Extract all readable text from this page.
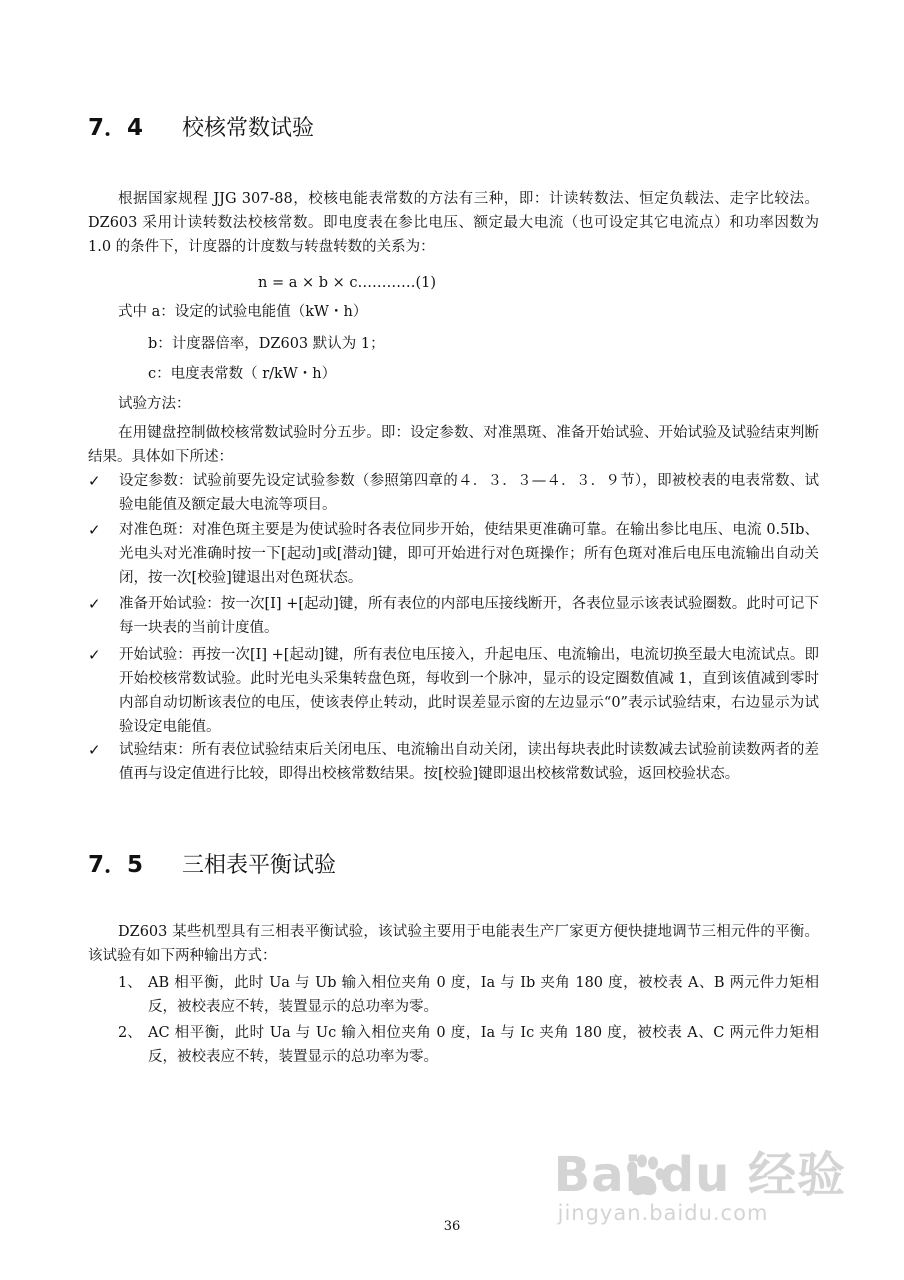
7．4 校核常数试验

根据国家规程 JJG 307-88，校核电能表常数的方法有三种，即：计读转数法、恒定负载法、走字比较法。DZ603 采用计读转数法校核常数。即电度表在参比电压、额定最大电流（也可设定其它电流点）和功率因数为 1.0 的条件下，计度器的计度数与转盘转数的关系为：

n = a × b × c…………(1)

式中 a：设定的试验电能值（kW・h）

b：计度器倍率，DZ603 默认为 1；

c：电度表常数（ r/kW・h）

试验方法：

在用键盘控制做校核常数试验时分五步。即：设定参数、对准黑斑、准备开始试验、开始试验及试验结束判断结果。具体如下所述：

✓ 设定参数：试验前要先设定试验参数（参照第四章的４．３．３—４．３．９节），即被校表的电表常数、试验电能值及额定最大电流等项目。
✓ 对准色斑：对准色斑主要是为使试验时各表位同步开始，使结果更准确可靠。在输出参比电压、电流 0.5Ib、光电头对光准确时按一下[起动]或[潜动]键，即可开始进行对色斑操作；所有色斑对准后电压电流输出自动关闭，按一次[校验]键退出对色斑状态。
✓ 准备开始试验：按一次[I] +[起动]键，所有表位的内部电压接线断开，各表位显示该表试验圈数。此时可记下每一块表的当前计度值。
✓ 开始试验：再按一次[I] +[起动]键，所有表位电压接入，升起电压、电流输出，电流切换至最大电流试点。即开始校核常数试验。此时光电头采集转盘色斑，每收到一个脉冲，显示的设定圈数值减 1，直到该值减到零时内部自动切断该表位的电压，使该表停止转动，此时误差显示窗的左边显示“0”表示试验结束，右边显示为试验设定电能值。
✓ 试验结束：所有表位试验结束后关闭电压、电流输出自动关闭，读出每块表此时读数减去试验前读数两者的差值再与设定值进行比较，即得出校核常数结果。按[校验]键即退出校核常数试验，返回校验状态。
7．5 三相表平衡试验

DZ603 某些机型具有三相表平衡试验，该试验主要用于电能表生产厂家更方便快捷地调节三相元件的平衡。该试验有如下两种输出方式：

1、 AB 相平衡，此时 Ua 与 Ub 输入相位夹角 0 度，Ia 与 Ib 夹角 180 度，被校表 A、B 两元件力矩相反，被校表应不转，装置显示的总功率为零。
2、 AC 相平衡，此时 Ua 与 Uc 输入相位夹角 0 度，Ia 与 Ic 夹角 180 度，被校表 A、C 两元件力矩相反，被校表应不转，装置显示的总功率为零。
36
Bai du 经验
jingyan.baidu.com
